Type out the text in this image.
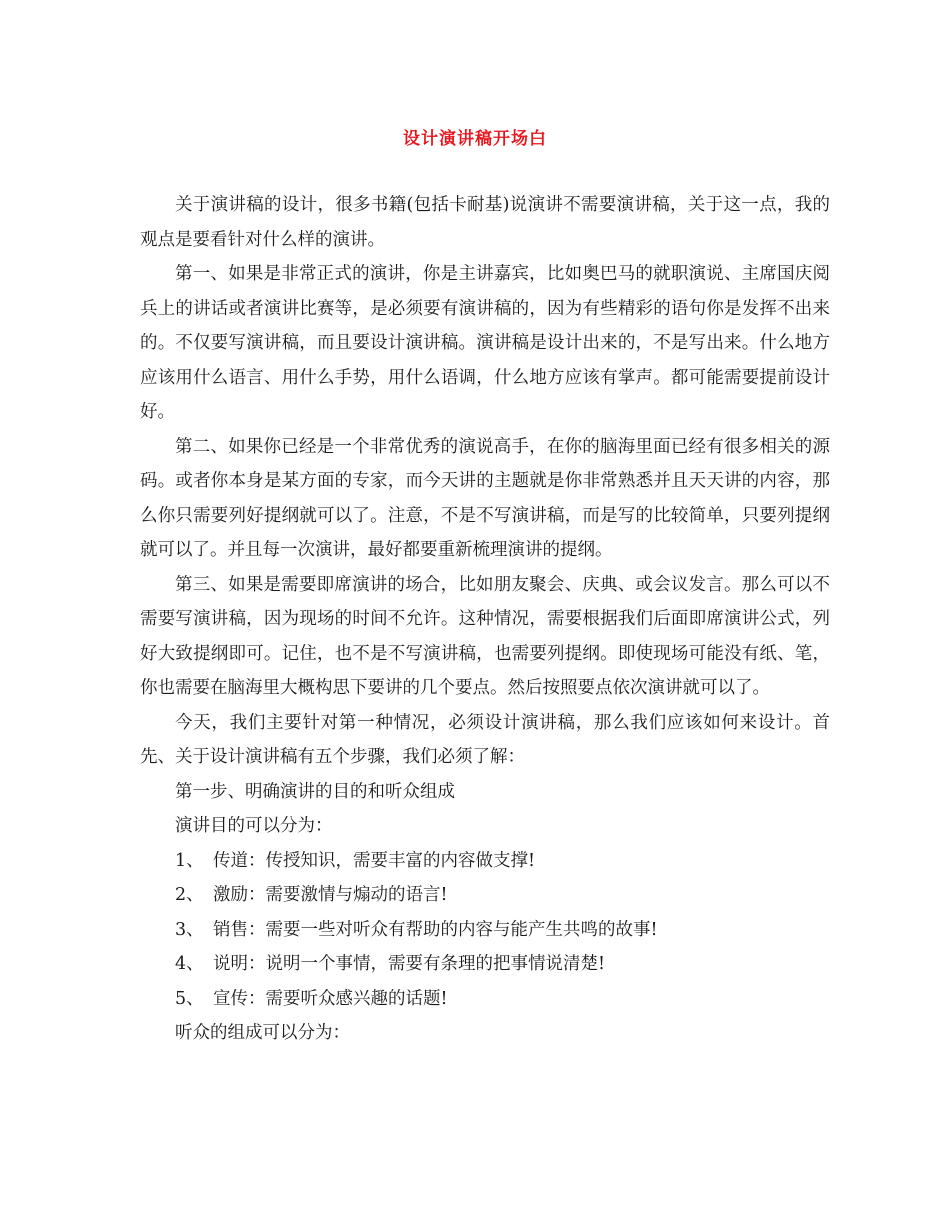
设计演讲稿开场白

关于演讲稿的设计，很多书籍(包括卡耐基)说演讲不需要演讲稿，关于这一点，我的观点是要看针对什么样的演讲。

第一、如果是非常正式的演讲，你是主讲嘉宾，比如奥巴马的就职演说、主席国庆阅兵上的讲话或者演讲比赛等，是必须要有演讲稿的，因为有些精彩的语句你是发挥不出来的。不仅要写演讲稿，而且要设计演讲稿。演讲稿是设计出来的，不是写出来。什么地方应该用什么语言、用什么手势，用什么语调，什么地方应该有掌声。都可能需要提前设计好。

第二、如果你已经是一个非常优秀的演说高手，在你的脑海里面已经有很多相关的源码。或者你本身是某方面的专家，而今天讲的主题就是你非常熟悉并且天天讲的内容，那么你只需要列好提纲就可以了。注意，不是不写演讲稿，而是写的比较简单，只要列提纲就可以了。并且每一次演讲，最好都要重新梳理演讲的提纲。

第三、如果是需要即席演讲的场合，比如朋友聚会、庆典、或会议发言。那么可以不需要写演讲稿，因为现场的时间不允许。这种情况，需要根据我们后面即席演讲公式，列好大致提纲即可。记住，也不是不写演讲稿，也需要列提纲。即使现场可能没有纸、笔，你也需要在脑海里大概构思下要讲的几个要点。然后按照要点依次演讲就可以了。

今天，我们主要针对第一种情况，必须设计演讲稿，那么我们应该如何来设计。首先、关于设计演讲稿有五个步骤，我们必须了解：

第一步、明确演讲的目的和听众组成

演讲目的可以分为：

1、 传道：传授知识，需要丰富的内容做支撑!

2、 激励：需要激情与煽动的语言!

3、 销售：需要一些对听众有帮助的内容与能产生共鸣的故事!

4、 说明：说明一个事情，需要有条理的把事情说清楚!

5、 宣传：需要听众感兴趣的话题!

听众的组成可以分为：
